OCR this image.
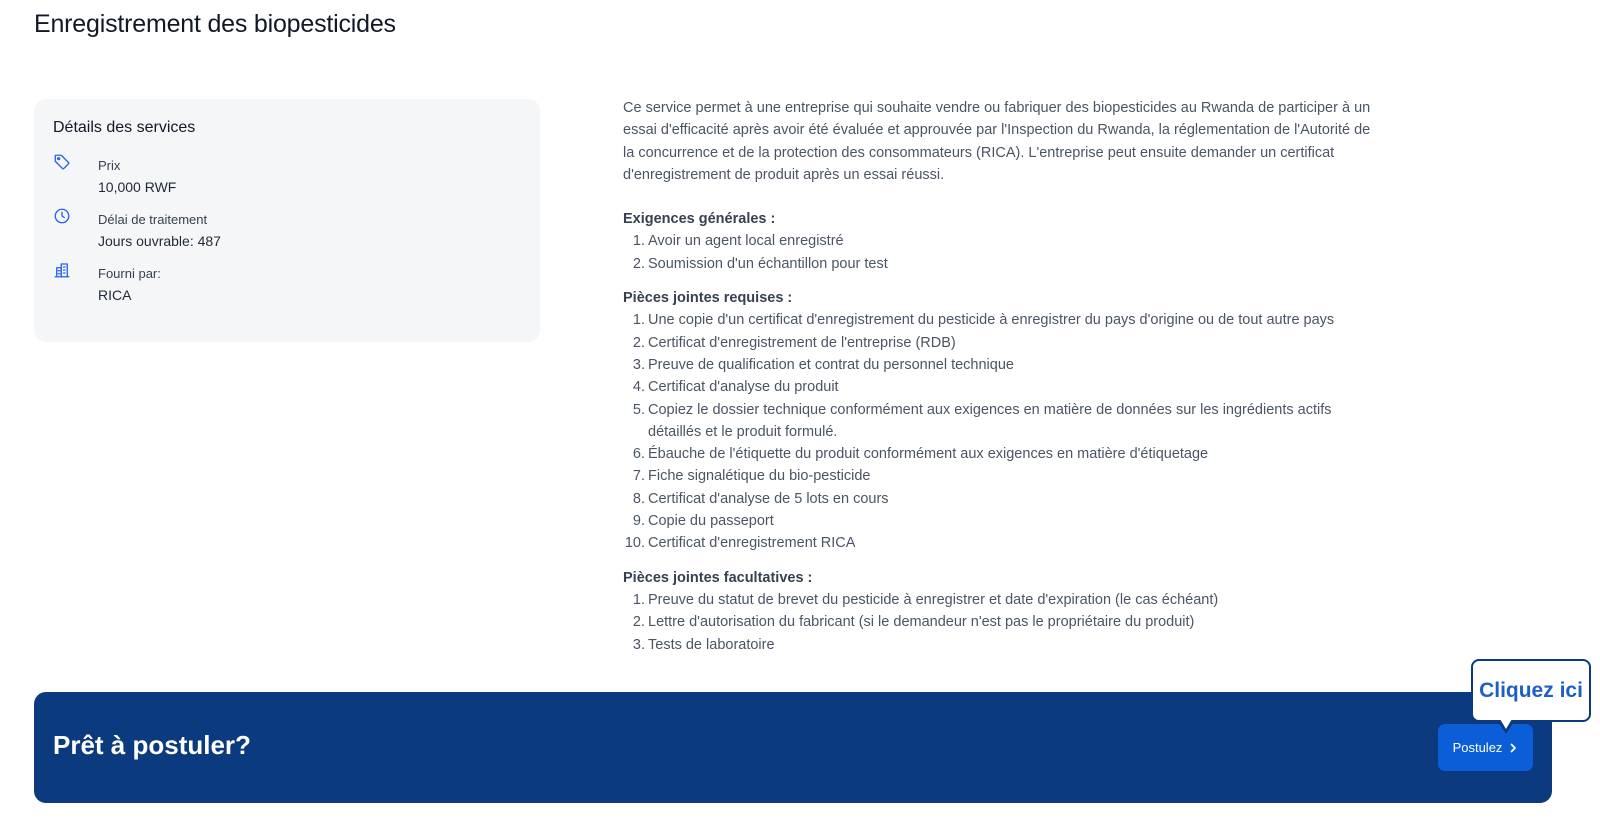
Enregistrement des biopesticides
Détails des services
Prix
10,000 RWF
Délai de traitement
Jours ouvrable: 487
Fourni par:
RICA

Ce service permet à une entreprise qui souhaite vendre ou fabriquer des biopesticides au Rwanda de participer à un essai d'efficacité après avoir été évaluée et approuvée par l'Inspection du Rwanda, la réglementation de l'Autorité de la concurrence et de la protection des consommateurs (RICA). L'entreprise peut ensuite demander un certificat d'enregistrement de produit après un essai réussi.

Exigences générales :
1. Avoir un agent local enregistré
2. Soumission d'un échantillon pour test
Pièces jointes requises :
1. Une copie d'un certificat d'enregistrement du pesticide à enregistrer du pays d'origine ou de tout autre pays
2. Certificat d'enregistrement de l'entreprise (RDB)
3. Preuve de qualification et contrat du personnel technique
4. Certificat d'analyse du produit
5. Copiez le dossier technique conformément aux exigences en matière de données sur les ingrédients actifs détaillés et le produit formulé.
6. Ébauche de l'étiquette du produit conformément aux exigences en matière d'étiquetage
7. Fiche signalétique du bio-pesticide
8. Certificat d'analyse de 5 lots en cours
9. Copie du passeport
10. Certificat d'enregistrement RICA
Pièces jointes facultatives :
1. Preuve du statut de brevet du pesticide à enregistrer et date d'expiration (le cas échéant)
2. Lettre d'autorisation du fabricant (si le demandeur n'est pas le propriétaire du produit)
3. Tests de laboratoire
Prêt à postuler?	Postulez
Cliquez ici
